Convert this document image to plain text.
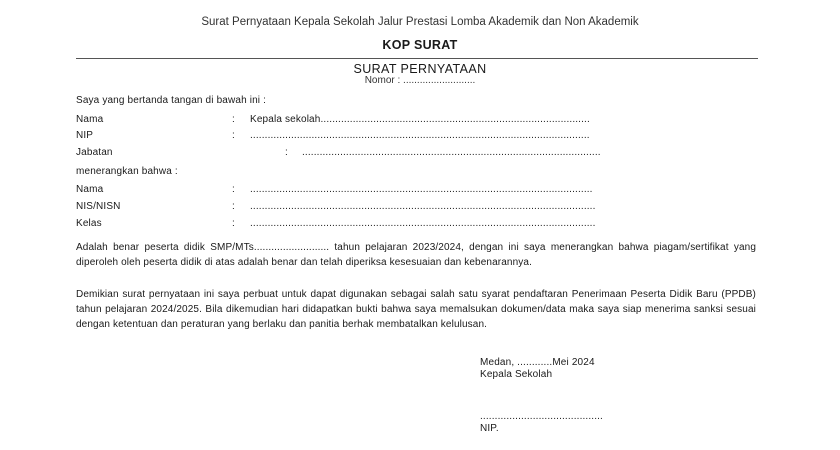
Surat Pernyataan Kepala Sekolah Jalur Prestasi Lomba Akademik dan Non Akademik
KOP SURAT
SURAT PERNYATAAN
Nomor : ..........................
Saya yang bertanda tangan di bawah ini :
Nama	: Kepala sekolah............................................................................................
NIP	: ....................................................................................................................
Jabatan	: ......................................................................................................
menerangkan bahwa :
Nama	: .....................................................................................................................
NIS/NISN	: ......................................................................................................................
Kelas	: ......................................................................................................................
Adalah benar peserta didik SMP/MTs.......................... tahun pelajaran 2023/2024, dengan ini saya menerangkan bahwa piagam/sertifikat yang diperoleh oleh peserta didik di atas adalah benar dan telah diperiksa kesesuaian dan kebenarannya.
Demikian surat pernyataan ini saya perbuat untuk dapat digunakan sebagai salah satu syarat pendaftaran Penerimaan Peserta Didik Baru (PPDB) tahun pelajaran 2024/2025. Bila dikemudian hari didapatkan bukti bahwa saya memalsukan dokumen/data maka saya siap menerima sanksi sesuai dengan ketentuan dan peraturan yang berlaku dan panitia berhak membatalkan kelulusan.
Medan, ............Mei 2024
Kepala Sekolah
..........................................
NIP.
